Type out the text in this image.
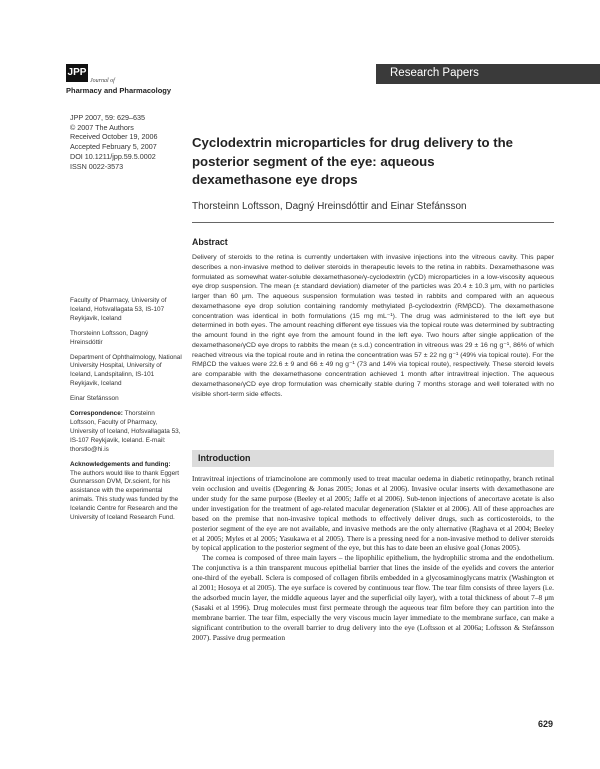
JPP
Journal of
Pharmacy and Pharmacology
Research Papers
JPP 2007, 59: 629–635
© 2007 The Authors
Received October 19, 2006
Accepted February 5, 2007
DOI 10.1211/jpp.59.5.0002
ISSN 0022-3573
Cyclodextrin microparticles for drug delivery to the posterior segment of the eye: aqueous dexamethasone eye drops
Thorsteinn Loftsson, Dagný Hreinsdóttir and Einar Stefánsson
Abstract

Delivery of steroids to the retina is currently undertaken with invasive injections into the vitreous cavity. This paper describes a non-invasive method to deliver steroids in therapeutic levels to the retina in rabbits. Dexamethasone was formulated as somewhat water-soluble dexamethasone/γ-cyclodextrin (γCD) microparticles in a low-viscosity aqueous eye drop suspension. The mean (± standard deviation) diameter of the particles was 20.4 ± 10.3 μm, with no particles larger than 60 μm. The aqueous suspension formulation was tested in rabbits and compared with an aqueous dexamethasone eye drop solution containing randomly methylated β-cyclodextrin (RMβCD). The dexamethasone concentration was identical in both formulations (15 mg mL⁻¹). The drug was administered to the left eye but determined in both eyes. The amount reaching different eye tissues via the topical route was determined by subtracting the amount found in the right eye from the amount found in the left eye. Two hours after single application of the dexamethasone/γCD eye drops to rabbits the mean (± s.d.) concentration in vitreous was 29 ± 16 ng g⁻¹, 86% of which reached vitreous via the topical route and in retina the concentration was 57 ± 22 ng g⁻¹ (49% via topical route). For the RMβCD the values were 22.6 ± 9 and 66 ± 49 ng g⁻¹ (73 and 14% via topical route), respectively. These steroid levels are comparable with the dexamethasone concentration achieved 1 month after intravitreal injection. The aqueous dexamethasone/γCD eye drop formulation was chemically stable during 7 months storage and well tolerated with no visible short-term side effects.

Faculty of Pharmacy, University of Iceland, Hofsvallagata 53, IS-107 Reykjavik, Iceland

Thorsteinn Loftsson, Dagný Hreinsdóttir

Department of Ophthalmology, National University Hospital, University of Iceland, Landspitalinn, IS-101 Reykjavik, Iceland

Einar Stefánsson

Correspondence: Thorsteinn Loftsson, Faculty of Pharmacy, University of Iceland, Hofsvallagata 53, IS-107 Reykjavik, Iceland. E-mail: thorstlo@hi.is

Acknowledgements and funding: The authors would like to thank Eggert Gunnarsson DVM, Dr.scient, for his assistance with the experimental animals. This study was funded by the Icelandic Centre for Research and the University of Iceland Research Fund.

Introduction

Intravitreal injections of triamcinolone are commonly used to treat macular oedema in diabetic retinopathy, branch retinal vein occlusion and uveitis (Degenring & Jonas 2005; Jonas et al 2006). Invasive ocular inserts with dexamethasone are under study for the same purpose (Beeley et al 2005; Jaffe et al 2006). Sub-tenon injections of anecortave acetate is also under investigation for the treatment of age-related macular degeneration (Slakter et al 2006). All of these approaches are based on the premise that non-invasive topical methods to effectively deliver drugs, such as corticosteroids, to the posterior segment of the eye are not available, and invasive methods are the only alternative (Raghava et al 2004; Beeley et al 2005; Myles et al 2005; Yasukawa et al 2005). There is a pressing need for a non-invasive method to deliver steroids by topical application to the posterior segment of the eye, but this has to date been an elusive goal (Jonas 2005).

The cornea is composed of three main layers – the lipophilic epithelium, the hydrophilic stroma and the endothelium. The conjunctiva is a thin transparent mucous epithelial barrier that lines the inside of the eyelids and covers the anterior one-third of the eyeball. Sclera is composed of collagen fibrils embedded in a glycosaminoglycans matrix (Washington et al 2001; Hosoya et al 2005). The eye surface is covered by continuous tear flow. The tear film consists of three layers (i.e. the adsorbed mucin layer, the middle aqueous layer and the superficial oily layer), with a total thickness of about 7–8 μm (Sasaki et al 1996). Drug molecules must first permeate through the aqueous tear film before they can partition into the membrane barrier. The tear film, especially the very viscous mucin layer immediate to the membrane surface, can make a significant contribution to the overall barrier to drug delivery into the eye (Loftsson et al 2006a; Loftsson & Stefánsson 2007). Passive drug permeation

629
